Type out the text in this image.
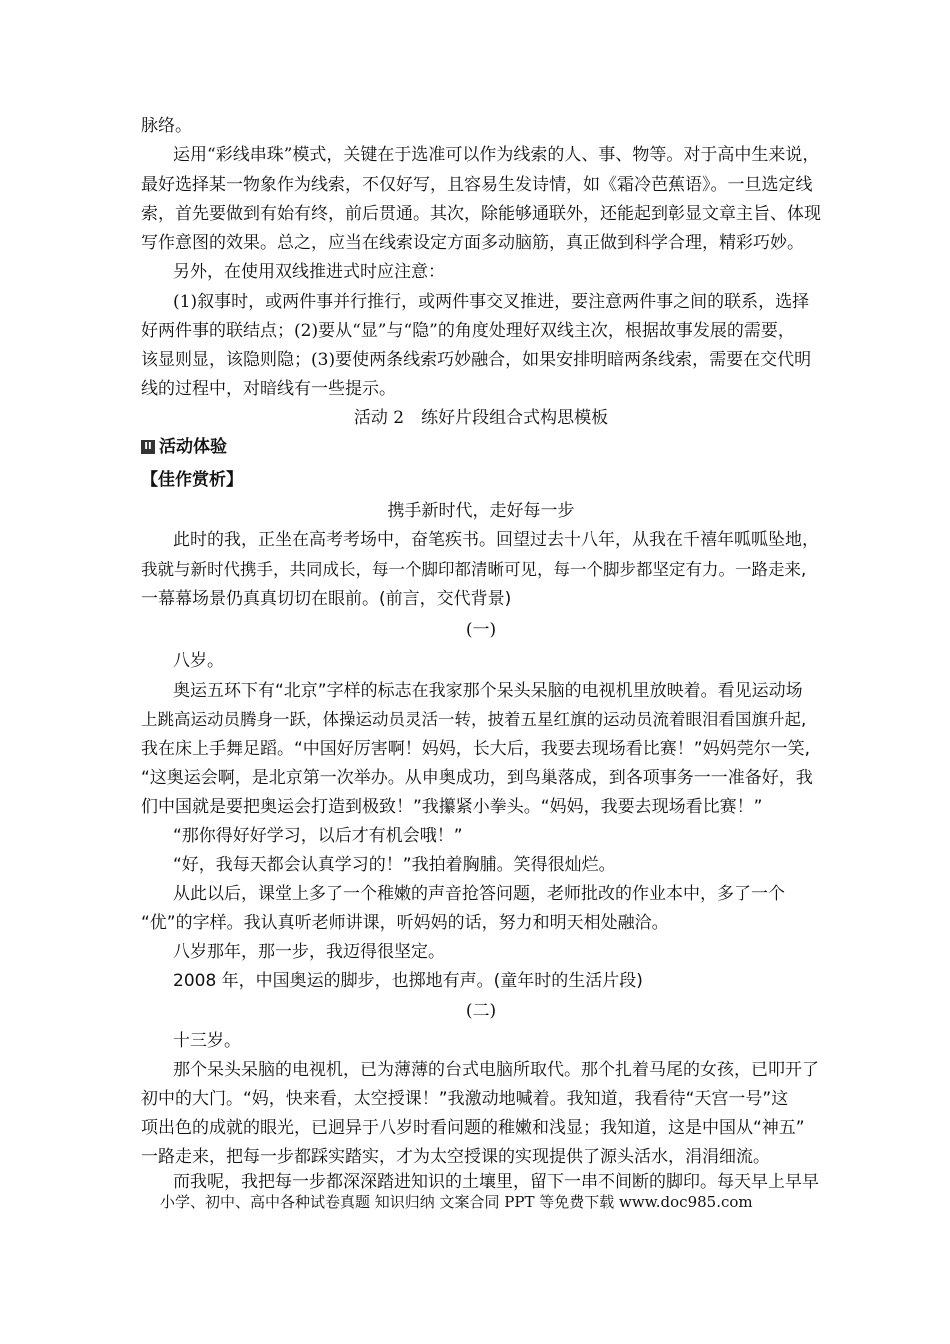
脉络。
运用“彩线串珠”模式，关键在于选准可以作为线索的人、事、物等。对于高中生来说，
最好选择某一物象作为线索，不仅好写，且容易生发诗情，如《霜冷芭蕉语》。一旦选定线
索，首先要做到有始有终，前后贯通。其次，除能够通联外，还能起到彰显文章主旨、体现
写作意图的效果。总之，应当在线索设定方面多动脑筋，真正做到科学合理，精彩巧妙。
另外，在使用双线推进式时应注意：
(1)叙事时，或两件事并行推行，或两件事交叉推进，要注意两件事之间的联系，选择
好两件事的联结点；(2)要从“显”与“隐”的角度处理好双线主次，根据故事发展的需要，
该显则显，该隐则隐；(3)要使两条线索巧妙融合，如果安排明暗两条线索，需要在交代明
线的过程中，对暗线有一些提示。
活动 2　练好片段组合式构思模板
II 活动体验
【佳作赏析】
携手新时代，走好每一步
此时的我，正坐在高考考场中，奋笔疾书。回望过去十八年，从我在千禧年呱呱坠地，
我就与新时代携手，共同成长，每一个脚印都清晰可见，每一个脚步都坚定有力。一路走来,
一幕幕场景仍真真切切在眼前。(前言，交代背景)
(一)
八岁。
奥运五环下有“北京”字样的标志在我家那个呆头呆脑的电视机里放映着。看见运动场
上跳高运动员腾身一跃，体操运动员灵活一转，披着五星红旗的运动员流着眼泪看国旗升起,
我在床上手舞足蹈。“中国好厉害啊！妈妈，长大后，我要去现场看比赛！”妈妈莞尔一笑,
“这奥运会啊，是北京第一次举办。从申奥成功，到鸟巢落成，到各项事务一一准备好，我
们中国就是要把奥运会打造到极致！”我攥紧小拳头。“妈妈，我要去现场看比赛！”
“那你得好好学习，以后才有机会哦！”
“好，我每天都会认真学习的！”我拍着胸脯。笑得很灿烂。
从此以后，课堂上多了一个稚嫩的声音抢答问题，老师批改的作业本中，多了一个
“优”的字样。我认真听老师讲课，听妈妈的话，努力和明天相处融洽。
八岁那年，那一步，我迈得很坚定。
2008 年，中国奥运的脚步，也掷地有声。(童年时的生活片段)
(二)
十三岁。
那个呆头呆脑的电视机，已为薄薄的台式电脑所取代。那个扎着马尾的女孩，已叩开了
初中的大门。“妈，快来看，太空授课！”我激动地喊着。我知道，我看待“天宫一号”这
项出色的成就的眼光，已迥异于八岁时看问题的稚嫩和浅显；我知道，这是中国从“神五”
一路走来，把每一步都踩实踏实，才为太空授课的实现提供了源头活水，涓涓细流。
而我呢，我把每一步都深深踏进知识的土壤里，留下一串不间断的脚印。每天早上早早
小学、初中、高中各种试卷真题 知识归纳 文案合同 PPT 等免费下载 www.doc985.com
